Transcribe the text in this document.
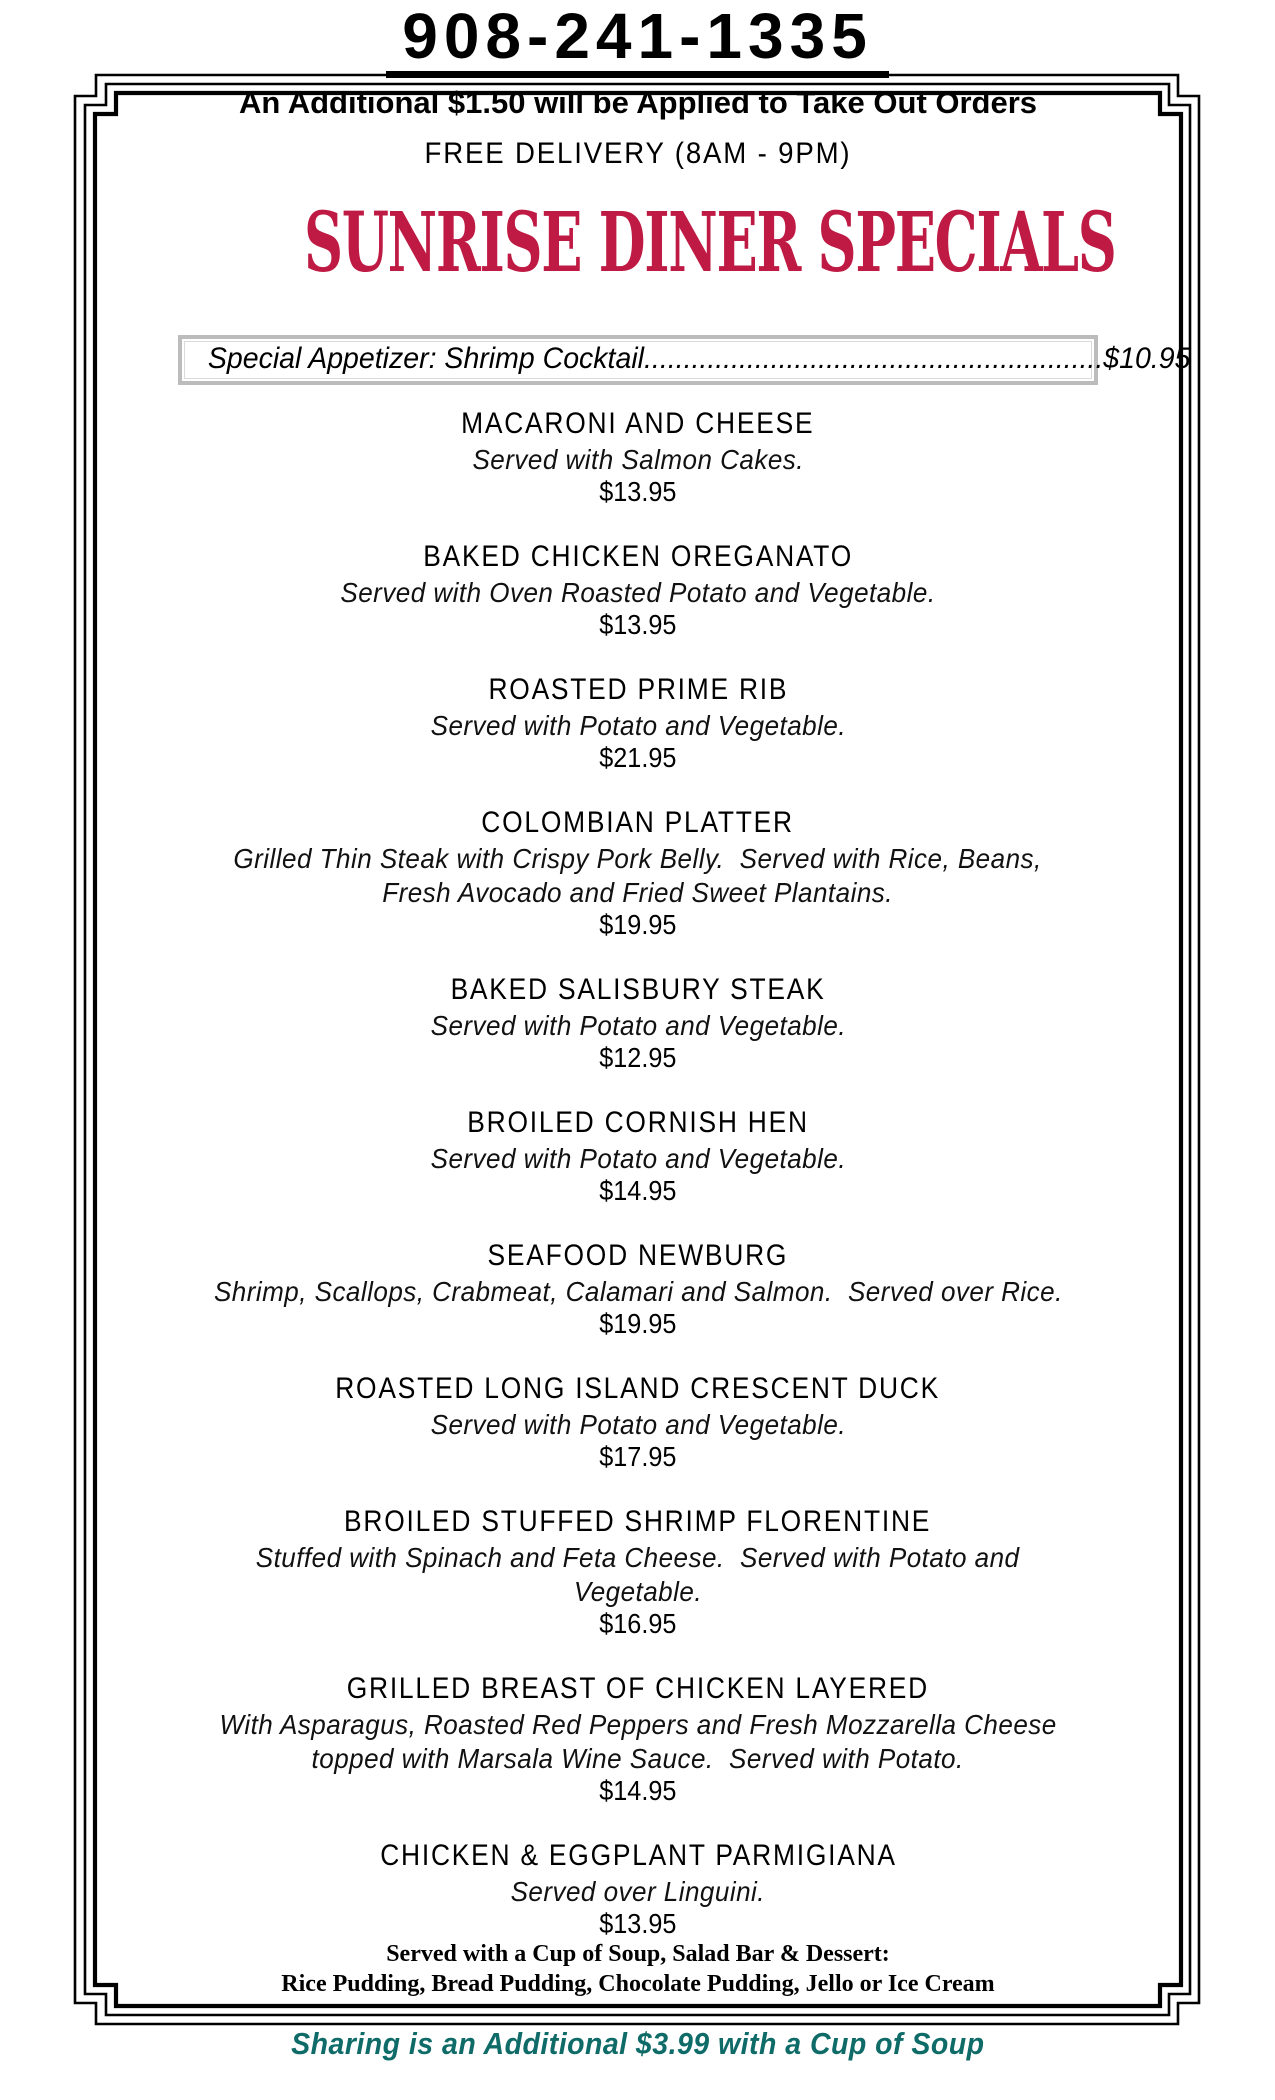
908-241-1335
An Additional $1.50 will be Applied to Take Out Orders
FREE DELIVERY (8AM - 9PM)
SUNRISE DINER SPECIALS
Special Appetizer: Shrimp Cocktail..........................................................$10.95
MACARONI AND CHEESE
Served with Salmon Cakes.
$13.95
BAKED CHICKEN OREGANATO
Served with Oven Roasted Potato and Vegetable.
$13.95
ROASTED PRIME RIB
Served with Potato and Vegetable.
$21.95
COLOMBIAN PLATTER
Grilled Thin Steak with Crispy Pork Belly.  Served with Rice, Beans,
Fresh Avocado and Fried Sweet Plantains.
$19.95
BAKED SALISBURY STEAK
Served with Potato and Vegetable.
$12.95
BROILED CORNISH HEN
Served with Potato and Vegetable.
$14.95
SEAFOOD NEWBURG
Shrimp, Scallops, Crabmeat, Calamari and Salmon.  Served over Rice.
$19.95
ROASTED LONG ISLAND CRESCENT DUCK
Served with Potato and Vegetable.
$17.95
BROILED STUFFED SHRIMP FLORENTINE
Stuffed with Spinach and Feta Cheese.  Served with Potato and
Vegetable.
$16.95
GRILLED BREAST OF CHICKEN LAYERED
With Asparagus, Roasted Red Peppers and Fresh Mozzarella Cheese
topped with Marsala Wine Sauce.  Served with Potato.
$14.95
CHICKEN & EGGPLANT PARMIGIANA
Served over Linguini.
$13.95
Served with a Cup of Soup, Salad Bar & Dessert:
Rice Pudding, Bread Pudding, Chocolate Pudding, Jello or Ice Cream
Sharing is an Additional $3.99 with a Cup of Soup
